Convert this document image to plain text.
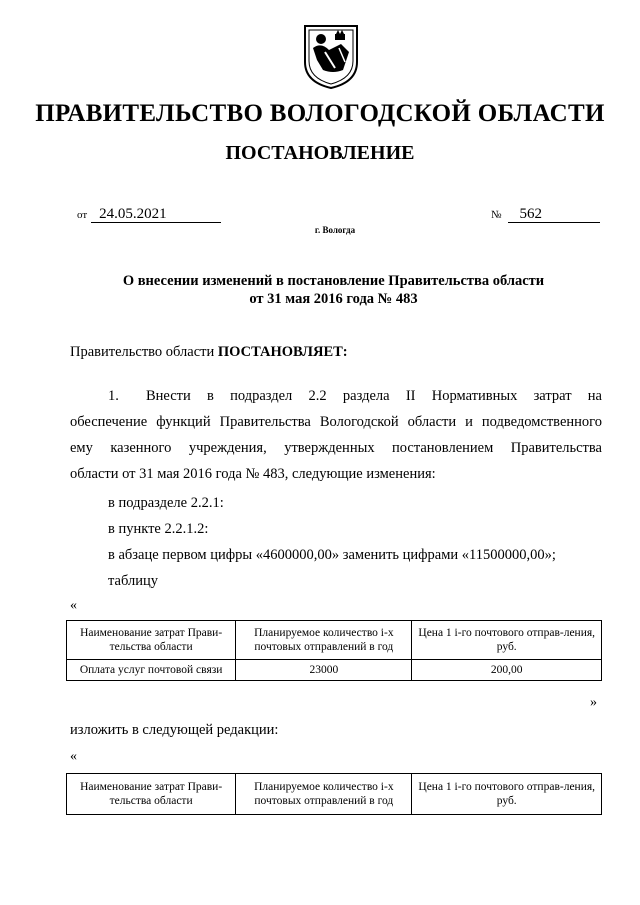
ПРАВИТЕЛЬСТВО ВОЛОГОДСКОЙ ОБЛАСТИ
ПОСТАНОВЛЕНИЕ
от 24.05.2021	№ 562
г. Вологда
О внесении изменений в постановление Правительства области
от 31 мая 2016 года № 483
Правительство области ПОСТАНОВЛЯЕТ:
1. Внести в подраздел 2.2 раздела II Нормативных затрат на
обеспечение функций Правительства Вологодской области и подведомственного
ему казенного учреждения, утвержденных постановлением Правительства
области от 31 мая 2016 года № 483, следующие изменения:
в подразделе 2.2.1:
в пункте 2.2.1.2:
в абзаце первом цифры «4600000,00» заменить цифрами «11500000,00»;
таблицу
«
Наименование затрат Прави-тельства области	Планируемое количество i-х почтовых отправлений в год	Цена 1 i-го почтового отправ-ления, руб.
Оплата услуг почтовой связи	23000	200,00
»
изложить в следующей редакции:
«
Наименование затрат Прави-тельства области	Планируемое количество i-х почтовых отправлений в год	Цена 1 i-го почтового отправ-ления, руб.
